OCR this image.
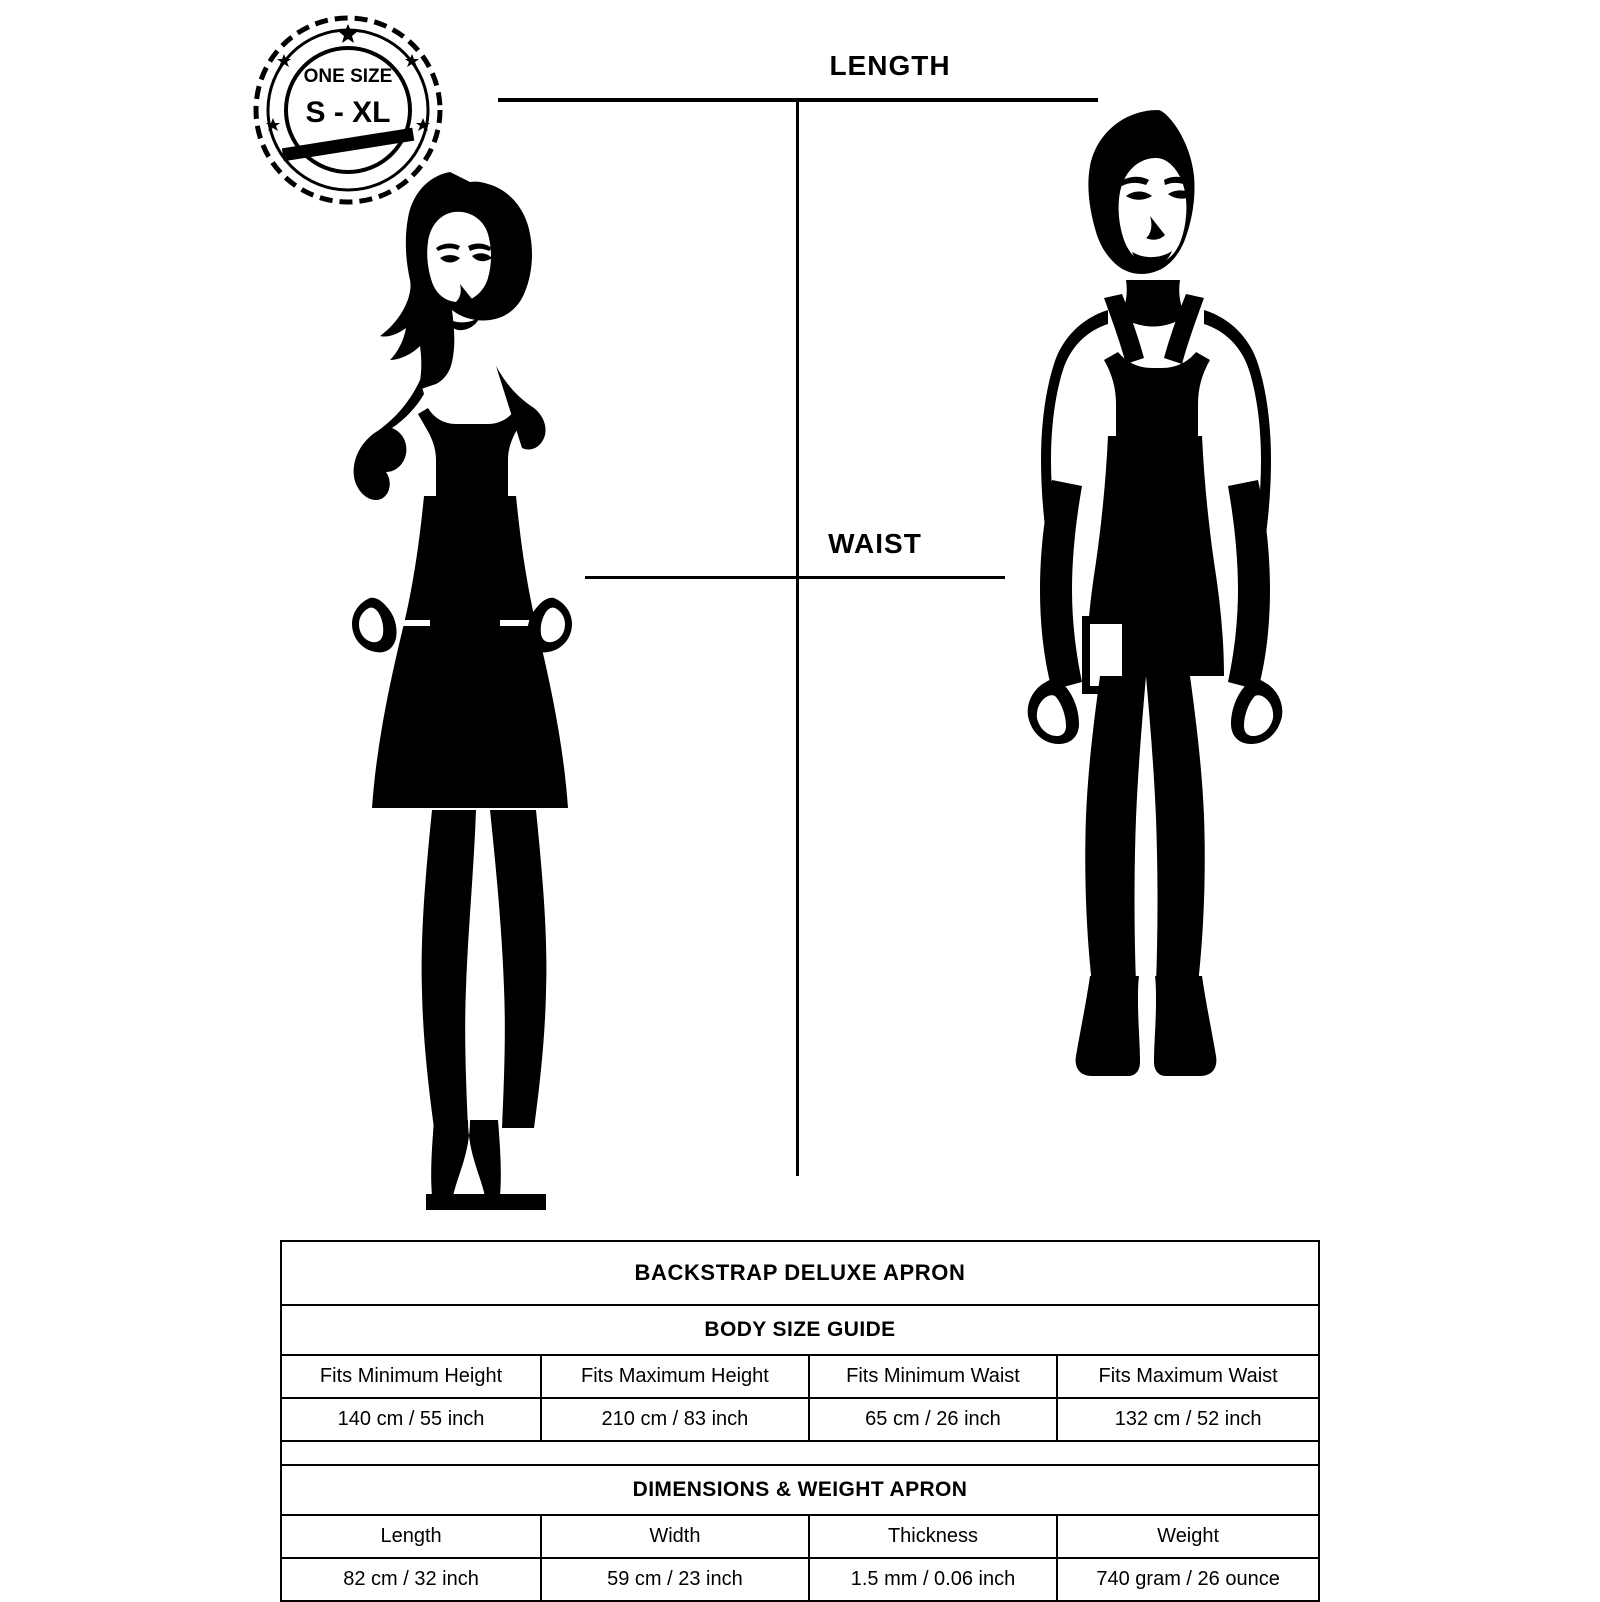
ONE SIZE
S - XL
LENGTH
WAIST
BACKSTRAP DELUXE APRON			
BODY SIZE GUIDE			
Fits Minimum Height	Fits Maximum Height	Fits Minimum Waist	Fits Maximum Waist
140 cm / 55 inch	210 cm / 83 inch	65 cm / 26 inch	132 cm / 52 inch

DIMENSIONS & WEIGHT APRON			
Length	Width	Thickness	Weight
82 cm / 32 inch	59 cm / 23 inch	1.5 mm / 0.06 inch	740 gram / 26 ounce
